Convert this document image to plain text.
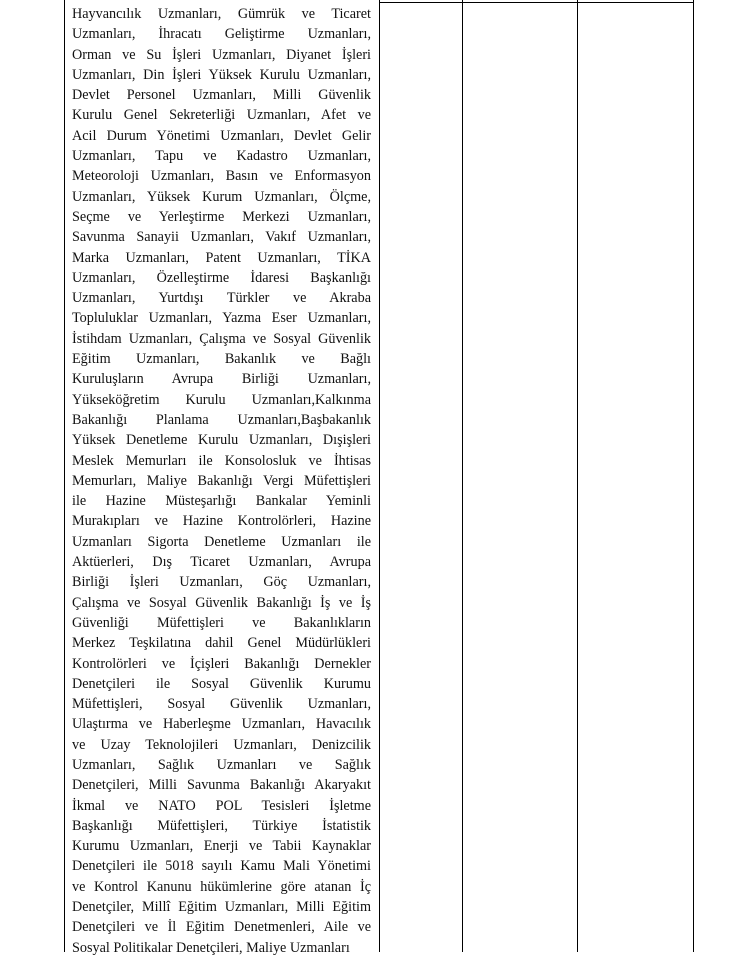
Hayvancılık Uzmanları, Gümrük ve Ticaret
Uzmanları, İhracatı Geliştirme Uzmanları,
Orman ve Su İşleri Uzmanları, Diyanet İşleri
Uzmanları, Din İşleri Yüksek Kurulu Uzmanları,
Devlet Personel Uzmanları, Milli Güvenlik
Kurulu Genel Sekreterliği Uzmanları, Afet ve
Acil Durum Yönetimi Uzmanları, Devlet Gelir
Uzmanları, Tapu ve Kadastro Uzmanları,
Meteoroloji Uzmanları, Basın ve Enformasyon
Uzmanları, Yüksek Kurum Uzmanları, Ölçme,
Seçme ve Yerleştirme Merkezi Uzmanları,
Savunma Sanayii Uzmanları, Vakıf Uzmanları,
Marka Uzmanları, Patent Uzmanları, TİKA
Uzmanları, Özelleştirme İdaresi Başkanlığı
Uzmanları, Yurtdışı Türkler ve Akraba
Topluluklar Uzmanları, Yazma Eser Uzmanları,
İstihdam Uzmanları, Çalışma ve Sosyal Güvenlik
Eğitim Uzmanları, Bakanlık ve Bağlı
Kuruluşların Avrupa Birliği Uzmanları,
Yükseköğretim Kurulu Uzmanları,Kalkınma
Bakanlığı Planlama Uzmanları,Başbakanlık
Yüksek Denetleme Kurulu Uzmanları, Dışişleri
Meslek Memurları ile Konsolosluk ve İhtisas
Memurları, Maliye Bakanlığı Vergi Müfettişleri
ile Hazine Müsteşarlığı Bankalar Yeminli
Murakıpları ve Hazine Kontrolörleri, Hazine
Uzmanları Sigorta Denetleme Uzmanları ile
Aktüerleri, Dış Ticaret Uzmanları, Avrupa
Birliği İşleri Uzmanları, Göç Uzmanları,
Çalışma ve Sosyal Güvenlik Bakanlığı İş ve İş
Güvenliği Müfettişleri ve Bakanlıkların
Merkez Teşkilatına dahil Genel Müdürlükleri
Kontrolörleri ve İçişleri Bakanlığı Dernekler
Denetçileri ile Sosyal Güvenlik Kurumu
Müfettişleri, Sosyal Güvenlik Uzmanları,
Ulaştırma ve Haberleşme Uzmanları, Havacılık
ve Uzay Teknolojileri Uzmanları, Denizcilik
Uzmanları, Sağlık Uzmanları ve Sağlık
Denetçileri, Milli Savunma Bakanlığı Akaryakıt
İkmal ve NATO POL Tesisleri İşletme
Başkanlığı Müfettişleri, Türkiye İstatistik
Kurumu Uzmanları, Enerji ve Tabii Kaynaklar
Denetçileri ile 5018 sayılı Kamu Mali Yönetimi
ve Kontrol Kanunu hükümlerine göre atanan İç
Denetçiler, Millî Eğitim Uzmanları, Milli Eğitim
Denetçileri ve İl Eğitim Denetmenleri, Aile ve
Sosyal Politikalar Denetçileri, Maliye Uzmanları
